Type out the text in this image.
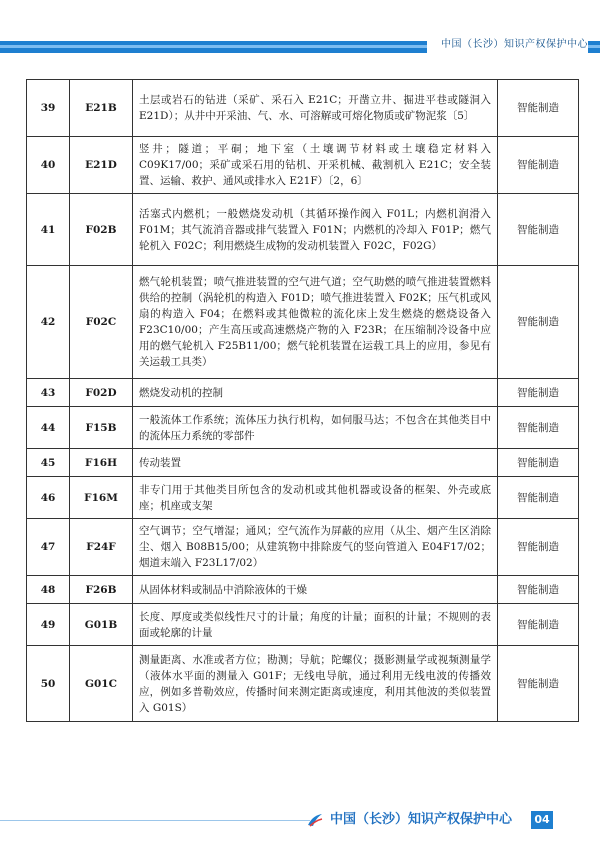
中国（长沙）知识产权保护中心
39	E21B	土层或岩石的钻进（采矿、采石入 E21C；开凿立井、掘进平巷或隧洞入 E21D）；从井中开采油、气、水、可溶解或可熔化物质或矿物泥浆〔5〕	智能制造
40	E21D	竖井；隧道；平硐；地下室（土壤调节材料或土壤稳定材料入 C09K17/00；采矿或采石用的钻机、开采机械、截割机入 E21C；安全装置、运输、救护、通风或排水入 E21F）〔2，6〕	智能制造
41	F02B	活塞式内燃机；一般燃烧发动机（其循环操作阀入 F01L；内燃机润滑入 F01M；其气流消音器或排气装置入 F01N；内燃机的冷却入 F01P；燃气轮机入 F02C；利用燃烧生成物的发动机装置入 F02C，F02G）	智能制造
42	F02C	燃气轮机装置；喷气推进装置的空气进气道；空气助燃的喷气推进装置燃料供给的控制（涡轮机的构造入 F01D；喷气推进装置入 F02K；压气机或风扇的构造入 F04；在燃料或其他微粒的流化床上发生燃烧的燃烧设备入 F23C10/00；产生高压或高速燃烧产物的入 F23R；在压缩制冷设备中应用的燃气轮机入 F25B11/00；燃气轮机装置在运载工具上的应用，参见有关运载工具类）	智能制造
43	F02D	燃烧发动机的控制	智能制造
44	F15B	一般流体工作系统；流体压力执行机构，如伺服马达；不包含在其他类目中的流体压力系统的零部件	智能制造
45	F16H	传动装置	智能制造
46	F16M	非专门用于其他类目所包含的发动机或其他机器或设备的框架、外壳或底座；机座或支架	智能制造
47	F24F	空气调节；空气增湿；通风；空气流作为屏蔽的应用（从尘、烟产生区消除尘、烟入 B08B15/00；从建筑物中排除废气的竖向管道入 E04F17/02；烟道末端入 F23L17/02）	智能制造
48	F26B	从固体材料或制品中消除液体的干燥	智能制造
49	G01B	长度、厚度或类似线性尺寸的计量；角度的计量；面积的计量；不规则的表面或轮廓的计量	智能制造
50	G01C	测量距离、水准或者方位；勘测；导航；陀螺仪；摄影测量学或视频测量学（液体水平面的测量入 G01F；无线电导航，通过利用无线电波的传播效应，例如多普勒效应，传播时间来测定距离或速度，利用其他波的类似装置入 G01S）	智能制造
中国（长沙）知识产权保护中心	04
